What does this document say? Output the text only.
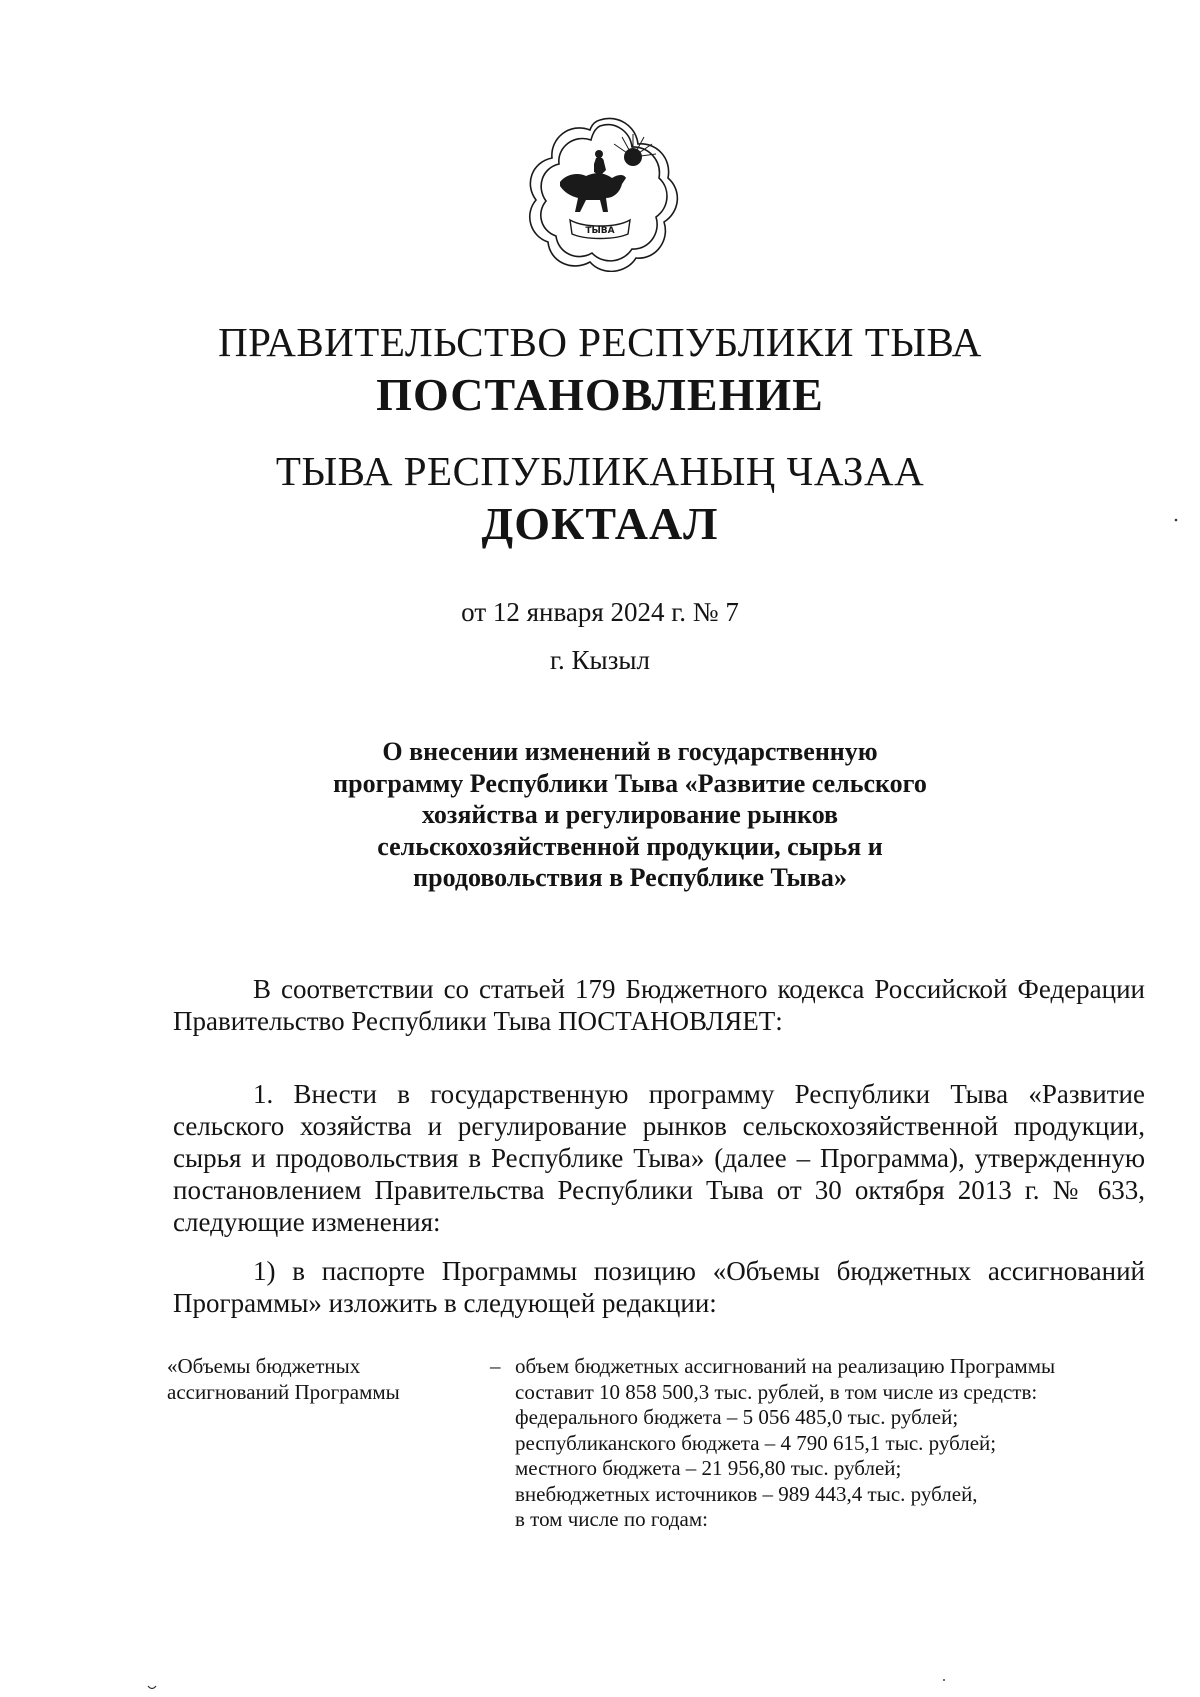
ТЫВА
ПРАВИТЕЛЬСТВО РЕСПУБЛИКИ ТЫВА
ПОСТАНОВЛЕНИЕ
ТЫВА РЕСПУБЛИКАНЫҢ ЧАЗАА
ДОКТААЛ
от 12 января 2024 г. № 7
г. Кызыл
О внесении изменений в государственную программу Республики Тыва «Развитие сельского хозяйства и регулирование рынков сельскохозяйственной продукции, сырья и продовольствия в Республике Тыва»
В соответствии со статьей 179 Бюджетного кодекса Российской Федерации Правительство Республики Тыва ПОСТАНОВЛЯЕТ:
1. Внести в государственную программу Республики Тыва «Развитие сельского хозяйства и регулирование рынков сельскохозяйственной продукции, сырья и продовольствия в Республике Тыва» (далее – Программа), утвержденную постановлением Правительства Республики Тыва от 30 октября 2013 г. № 633, следующие изменения:
1) в паспорте Программы позицию «Объемы бюджетных ассигнований Программы» изложить в следующей редакции:
«Объемы бюджетных ассигнований Программы
– объем бюджетных ассигнований на реализацию Программы
составит 10 858 500,3 тыс. рублей, в том числе из средств:
федерального бюджета – 5 056 485,0 тыс. рублей;
республиканского бюджета – 4 790 615,1 тыс. рублей;
местного бюджета – 21 956,80 тыс. рублей;
внебюджетных источников – 989 443,4 тыс. рублей,
в том числе по годам:
